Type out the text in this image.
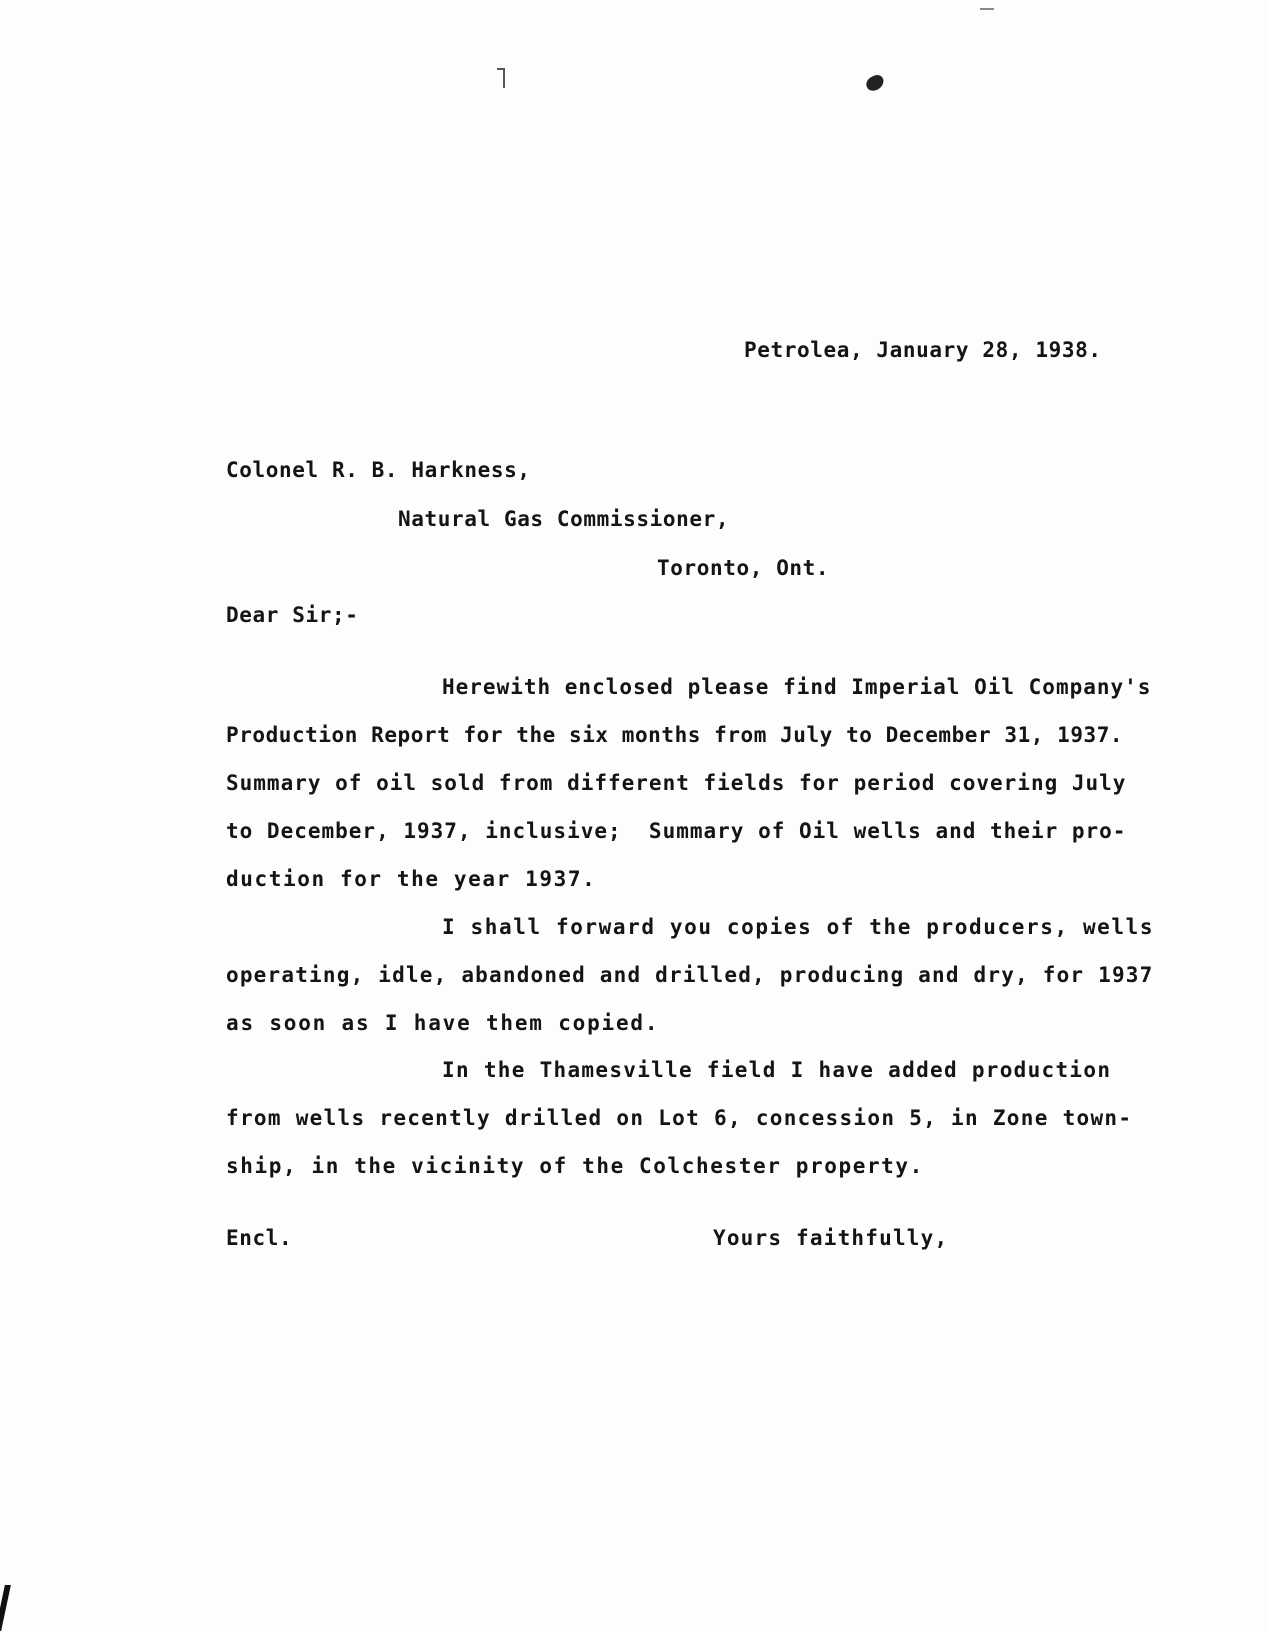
Petrolea, January 28, 1938.
Colonel R. B. Harkness,
Natural Gas Commissioner,
Toronto, Ont.
Dear Sir;-
Herewith enclosed please find Imperial Oil Company's
Production Report for the six months from July to December 31, 1937.
Summary of oil sold from different fields for period covering July
to December, 1937, inclusive;  Summary of Oil wells and their pro-
duction for the year 1937.
I shall forward you copies of the producers, wells
operating, idle, abandoned and drilled, producing and dry, for 1937
as soon as I have them copied.
In the Thamesville field I have added production
from wells recently drilled on Lot 6, concession 5, in Zone town-
ship, in the vicinity of the Colchester property.
Encl.	Yours faithfully,
